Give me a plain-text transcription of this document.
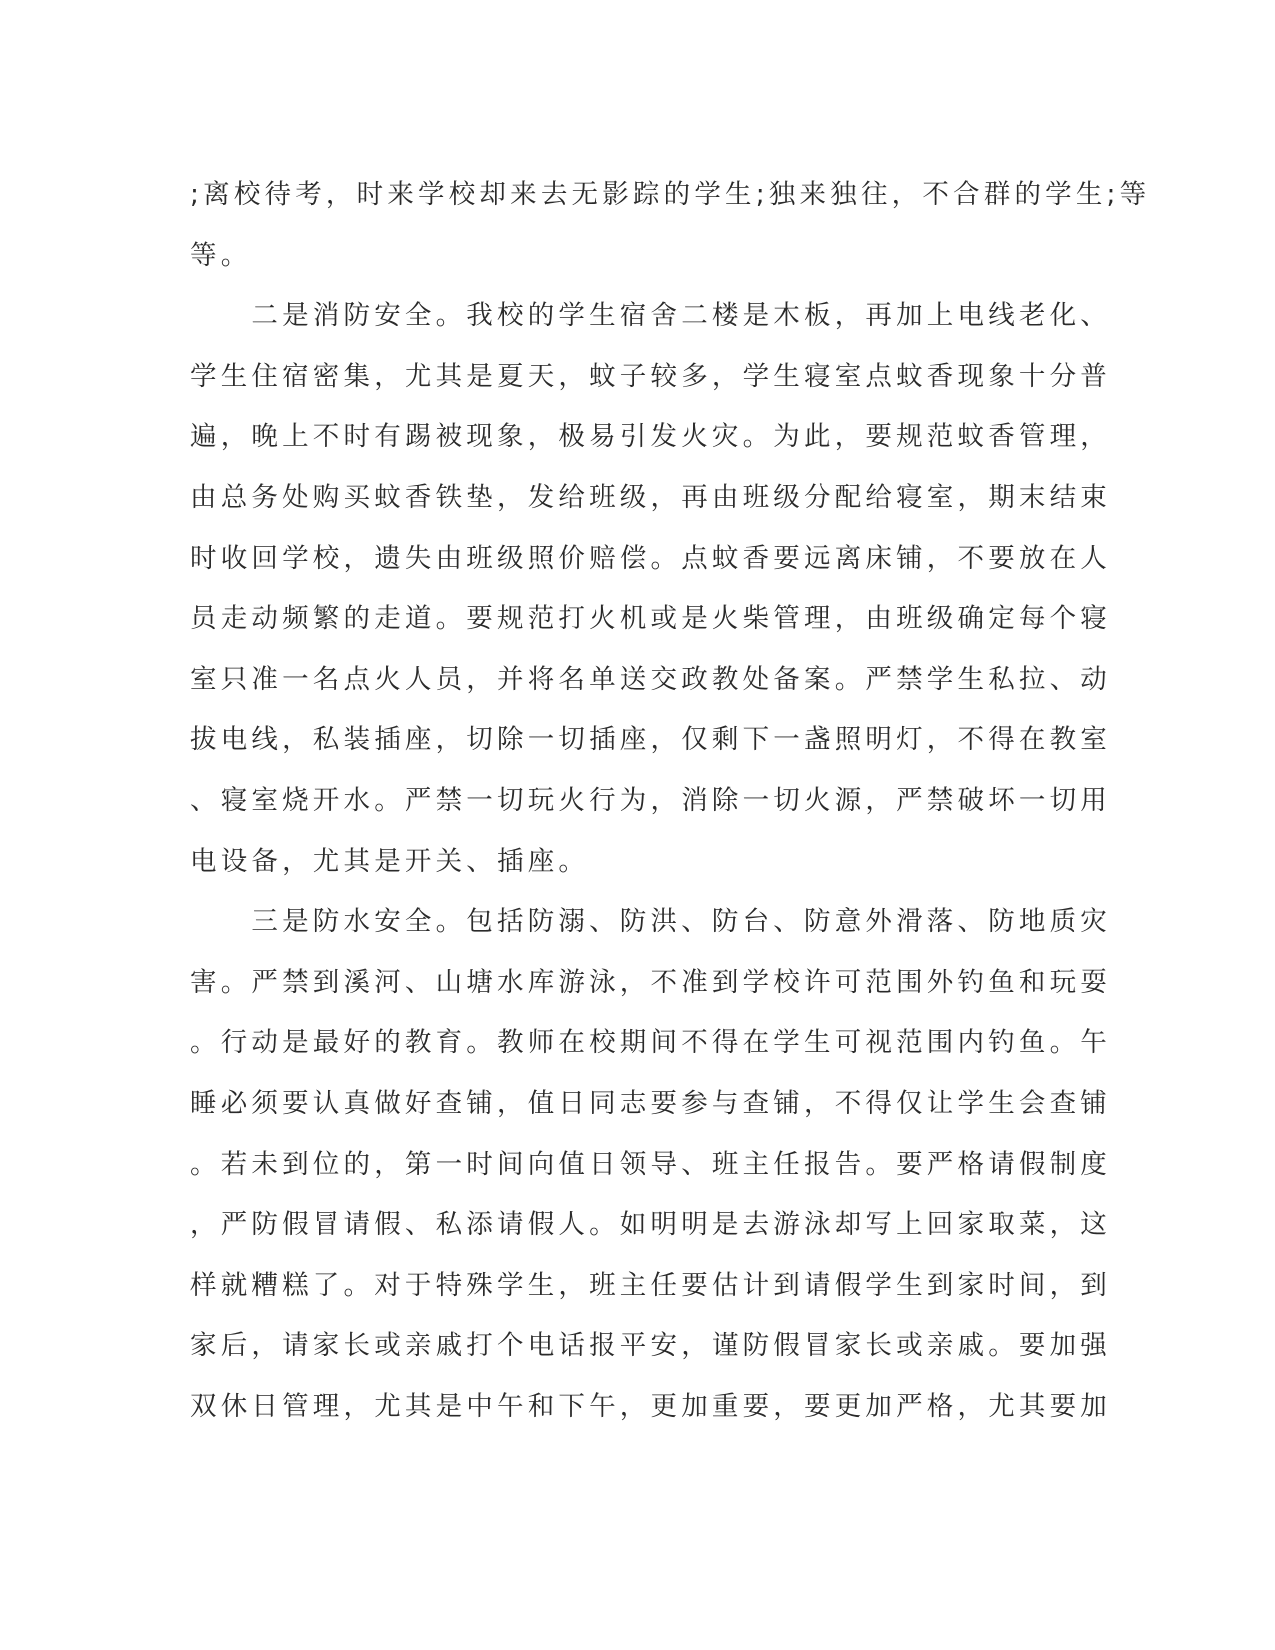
;离校待考，时来学校却来去无影踪的学生;独来独往，不合群的学生;等
等。
　　二是消防安全。我校的学生宿舍二楼是木板，再加上电线老化、
学生住宿密集，尤其是夏天，蚊子较多，学生寝室点蚊香现象十分普
遍，晚上不时有踢被现象，极易引发火灾。为此，要规范蚊香管理，
由总务处购买蚊香铁垫，发给班级，再由班级分配给寝室，期末结束
时收回学校，遗失由班级照价赔偿。点蚊香要远离床铺，不要放在人
员走动频繁的走道。要规范打火机或是火柴管理，由班级确定每个寝
室只准一名点火人员，并将名单送交政教处备案。严禁学生私拉、动
拔电线，私装插座，切除一切插座，仅剩下一盏照明灯，不得在教室
、寝室烧开水。严禁一切玩火行为，消除一切火源，严禁破坏一切用
电设备，尤其是开关、插座。
　　三是防水安全。包括防溺、防洪、防台、防意外滑落、防地质灾
害。严禁到溪河、山塘水库游泳，不准到学校许可范围外钓鱼和玩耍
。行动是最好的教育。教师在校期间不得在学生可视范围内钓鱼。午
睡必须要认真做好查铺，值日同志要参与查铺，不得仅让学生会查铺
。若未到位的，第一时间向值日领导、班主任报告。要严格请假制度
，严防假冒请假、私添请假人。如明明是去游泳却写上回家取菜，这
样就糟糕了。对于特殊学生，班主任要估计到请假学生到家时间，到
家后，请家长或亲戚打个电话报平安，谨防假冒家长或亲戚。要加强
双休日管理，尤其是中午和下午，更加重要，要更加严格，尤其要加
